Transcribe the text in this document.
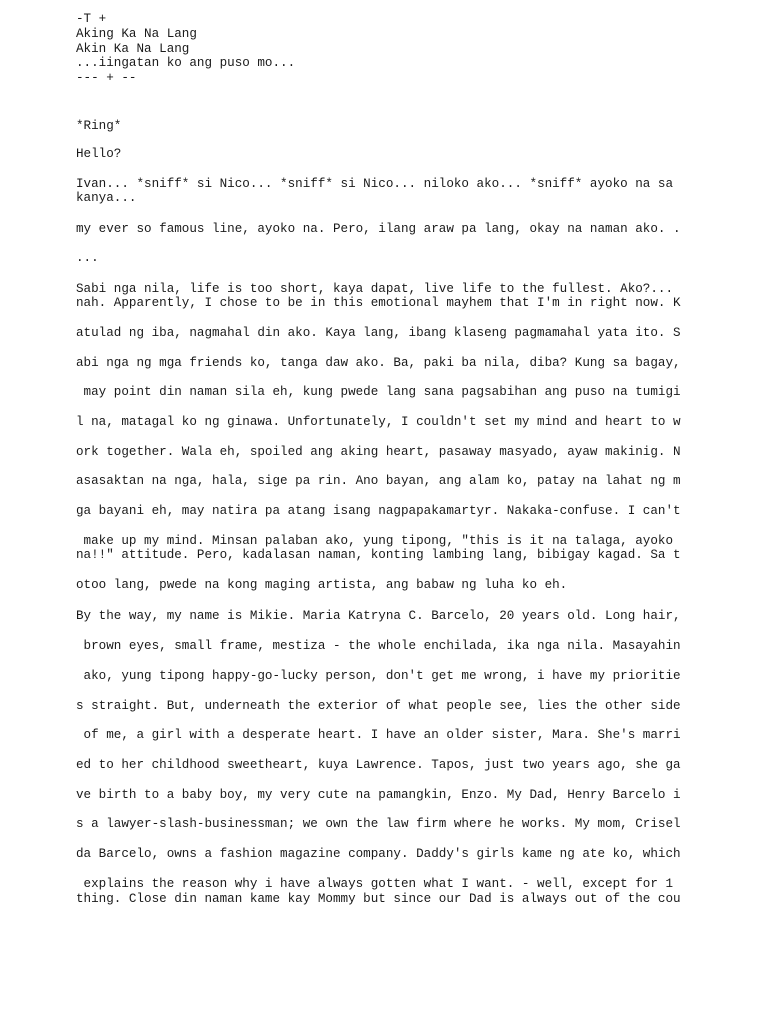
-T +
Aking Ka Na Lang
Akin Ka Na Lang
...iingatan ko ang puso mo...
--- + --
*Ring*
Hello?
Ivan... *sniff* si Nico... *sniff* si Nico... niloko ako... *sniff* ayoko na sa
kanya...
my ever so famous line, ayoko na. Pero, ilang araw pa lang, okay na naman ako. .
...
Sabi nga nila, life is too short, kaya dapat, live life to the fullest. Ako?...
nah. Apparently, I chose to be in this emotional mayhem that I'm in right now. K
atulad ng iba, nagmahal din ako. Kaya lang, ibang klaseng pagmamahal yata ito. S
abi nga ng mga friends ko, tanga daw ako. Ba, paki ba nila, diba? Kung sa bagay,
may point din naman sila eh, kung pwede lang sana pagsabihan ang puso na tumigi
l na, matagal ko ng ginawa. Unfortunately, I couldn't set my mind and heart to w
ork together. Wala eh, spoiled ang aking heart, pasaway masyado, ayaw makinig. N
asasaktan na nga, hala, sige pa rin. Ano bayan, ang alam ko, patay na lahat ng m
ga bayani eh, may natira pa atang isang nagpapakamartyr. Nakaka-confuse. I can't
make up my mind. Minsan palaban ako, yung tipong, "this is it na talaga, ayoko
na!!" attitude. Pero, kadalasan naman, konting lambing lang, bibigay kagad. Sa t
otoo lang, pwede na kong maging artista, ang babaw ng luha ko eh.
By the way, my name is Mikie. Maria Katryna C. Barcelo, 20 years old. Long hair,
brown eyes, small frame, mestiza - the whole enchilada, ika nga nila. Masayahin
ako, yung tipong happy-go-lucky person, don't get me wrong, i have my prioritie
s straight. But, underneath the exterior of what people see, lies the other side
of me, a girl with a desperate heart. I have an older sister, Mara. She's marri
ed to her childhood sweetheart, kuya Lawrence. Tapos, just two years ago, she ga
ve birth to a baby boy, my very cute na pamangkin, Enzo. My Dad, Henry Barcelo i
s a lawyer-slash-businessman; we own the law firm where he works. My mom, Crisel
da Barcelo, owns a fashion magazine company. Daddy's girls kame ng ate ko, which
explains the reason why i have always gotten what I want. - well, except for 1
thing. Close din naman kame kay Mommy but since our Dad is always out of the cou
